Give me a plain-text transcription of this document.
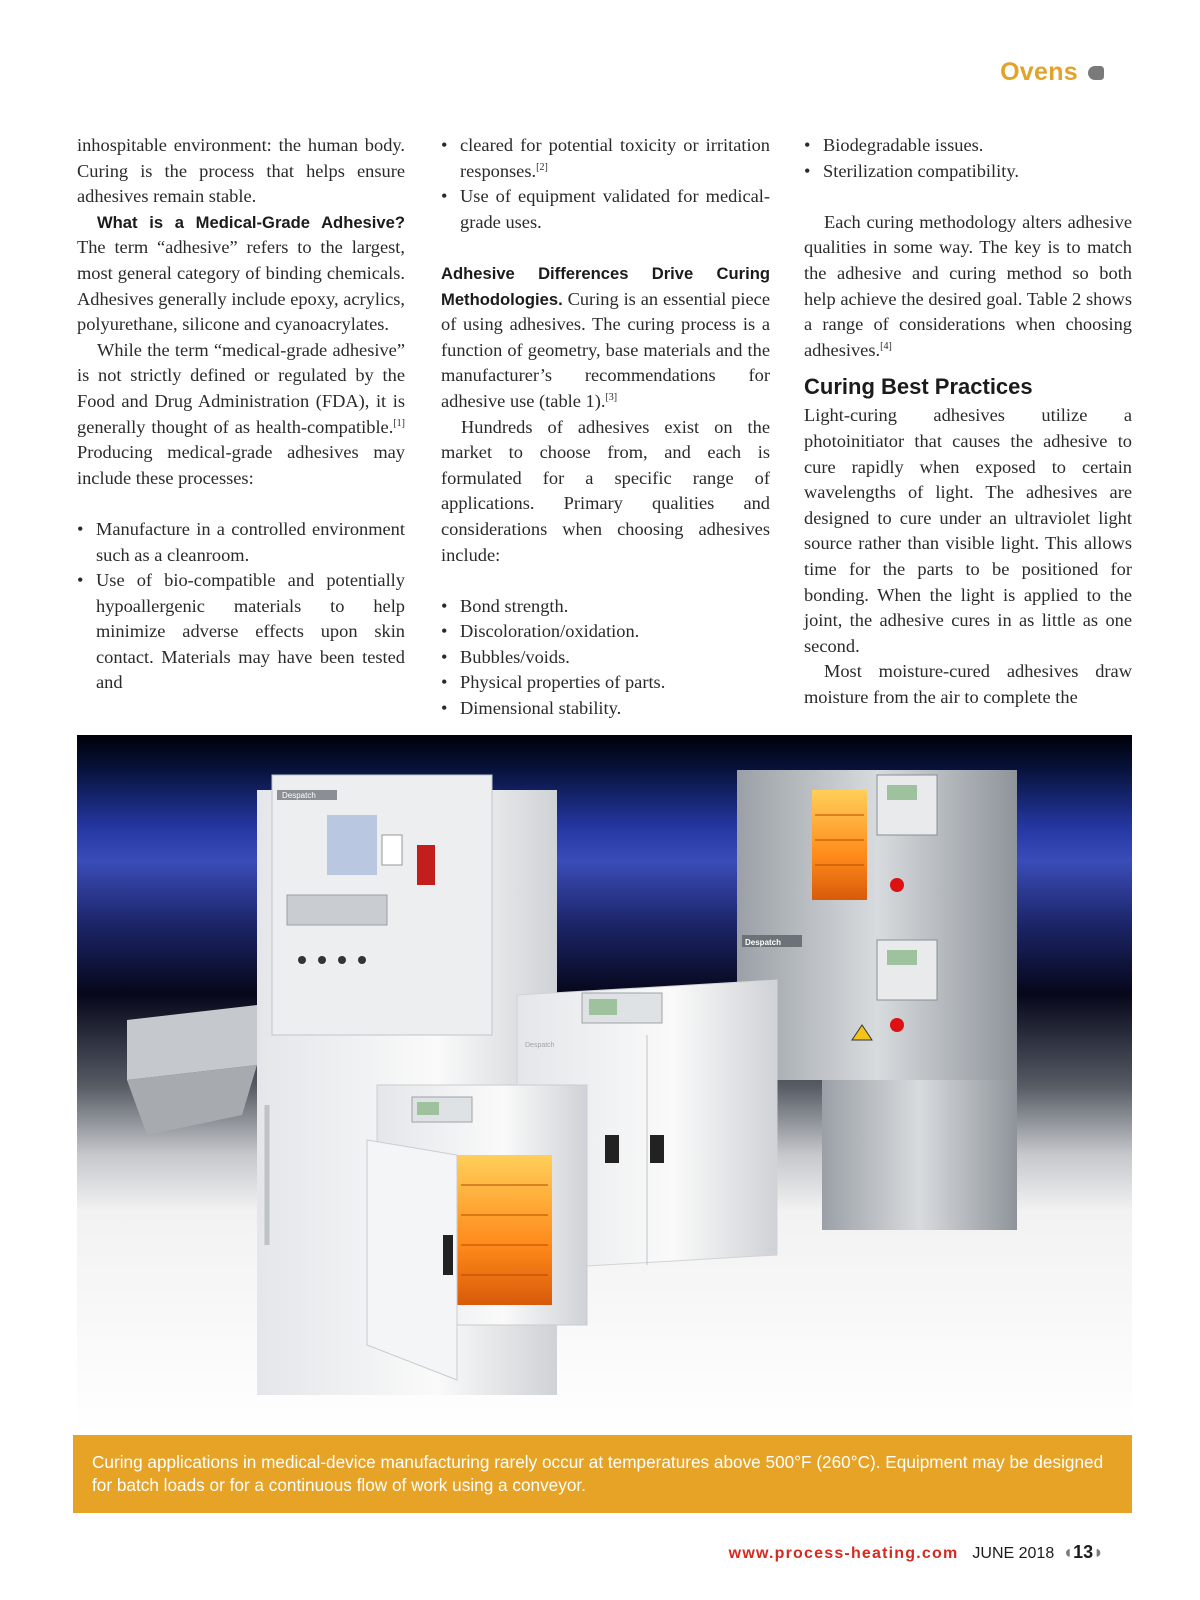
Ovens

inhospitable environment: the human body. Curing is the process that helps ensure adhesives remain stable.

What is a Medical-Grade Adhesive? The term “adhesive” refers to the largest, most general category of binding chemicals. Adhesives generally include epoxy, acrylics, polyurethane, silicone and cyanoacrylates.

While the term “medical-grade adhesive” is not strictly defined or regulated by the Food and Drug Administration (FDA), it is generally thought of as health-compatible.[1] Producing medical-grade adhesives may include these processes:

• Manufacture in a controlled environment such as a cleanroom.
• Use of bio-compatible and potentially hypoallergenic materials to help minimize adverse effects upon skin contact. Materials may have been tested and
• cleared for potential toxicity or irritation responses.[2]
• Use of equipment validated for medical-grade uses.

Adhesive Differences Drive Curing Methodologies. Curing is an essential piece of using adhesives. The curing process is a function of geometry, base materials and the manufacturer’s recommendations for adhesive use (table 1).[3]

Hundreds of adhesives exist on the market to choose from, and each is formulated for a specific range of applications. Primary qualities and considerations when choosing adhesives include:

• Bond strength.
• Discoloration/oxidation.
• Bubbles/voids.
• Physical properties of parts.
• Dimensional stability.
• Biodegradable issues.
• Sterilization compatibility.

Each curing methodology alters adhesive qualities in some way. The key is to match the adhesive and curing method so both help achieve the desired goal. Table 2 shows a range of considerations when choosing adhesives.[4]

Curing Best Practices

Light-curing adhesives utilize a photoinitiator that causes the adhesive to cure rapidly when exposed to certain wavelengths of light. The adhesives are designed to cure under an ultraviolet light source rather than visible light. This allows time for the parts to be positioned for bonding. When the light is applied to the joint, the adhesive cures in as little as one second.

Most moisture-cured adhesives draw moisture from the air to complete the

Despatch
Despatch
Despatch
Curing applications in medical-device manufacturing rarely occur at temperatures above 500°F (260°C). Equipment may be designed for batch loads or for a continuous flow of work using a conveyor.
www.process-heating.com JUNE 2018 ◖13◗
